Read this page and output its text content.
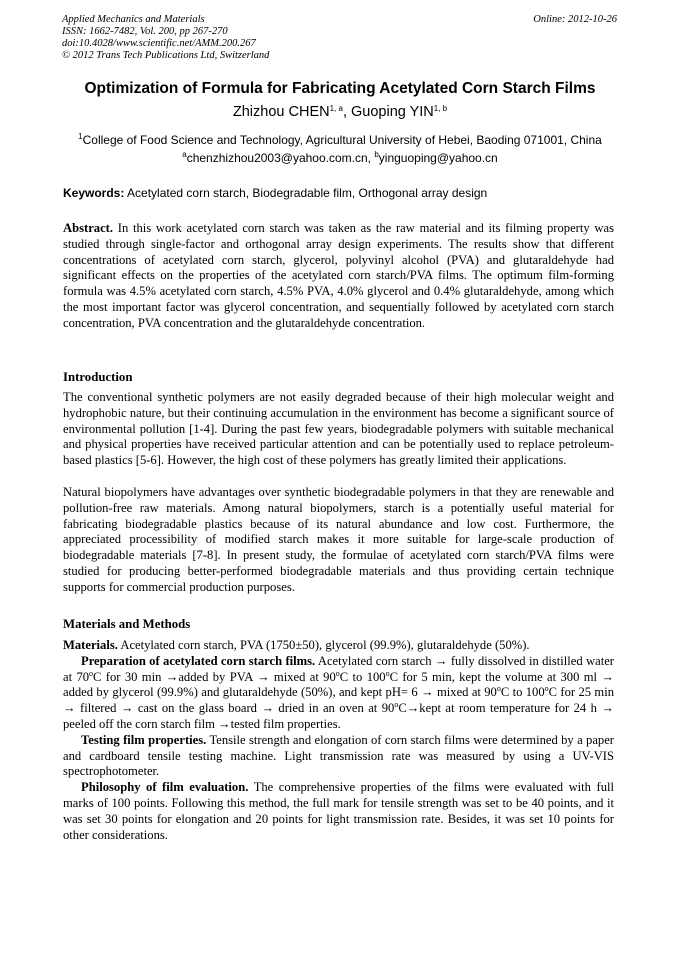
Applied Mechanics and Materials
ISSN: 1662-7482, Vol. 200, pp 267-270
doi:10.4028/www.scientific.net/AMM.200.267
© 2012 Trans Tech Publications Ltd, Switzerland
Online: 2012-10-26
Optimization of Formula for Fabricating Acetylated Corn Starch Films
Zhizhou CHEN$^{1, a}$, Guoping YIN$^{1, b}$
$^1$College of Food Science and Technology, Agricultural University of Hebei, Baoding 071001, China
$^a$chenzhizhou2003@yahoo.com.cn, $^b$yinguoping@yahoo.cn
Keywords: Acetylated corn starch, Biodegradable film, Orthogonal array design
Abstract. In this work acetylated corn starch was taken as the raw material and its filming property was studied through single-factor and orthogonal array design experiments. The results show that different concentrations of acetylated corn starch, glycerol, polyvinyl alcohol (PVA) and glutaraldehyde had significant effects on the properties of the acetylated corn starch/PVA films. The optimum film-forming formula was 4.5% acetylated corn starch, 4.5% PVA, 4.0% glycerol and 0.4% glutaraldehyde, among which the most important factor was glycerol concentration, and sequentially followed by acetylated corn starch concentration, PVA concentration and the glutaraldehyde concentration.
Introduction
The conventional synthetic polymers are not easily degraded because of their high molecular weight and hydrophobic nature, but their continuing accumulation in the environment has become a significant source of environmental pollution [1-4]. During the past few years, biodegradable polymers with suitable mechanical and physical properties have received particular attention and can be potentially used to replace petroleum-based plastics [5-6]. However, the high cost of these polymers has greatly limited their applications.
Natural biopolymers have advantages over synthetic biodegradable polymers in that they are renewable and pollution-free raw materials. Among natural biopolymers, starch is a potentially useful material for fabricating biodegradable plastics because of its natural abundance and low cost. Furthermore, the appreciated processibility of modified starch makes it more suitable for large-scale production of biodegradable materials [7-8]. In present study, the formulae of acetylated corn starch/PVA films were studied for producing better-performed biodegradable materials and thus providing certain technique supports for commercial production purposes.
Materials and Methods

Materials. Acetylated corn starch, PVA (1750±50), glycerol (99.9%), glutaraldehyde (50%).

Preparation of acetylated corn starch films. Acetylated corn starch → fully dissolved in distilled water at 70$^o$C for 30 min →added by PVA → mixed at 90$^o$C to 100$^o$C for 5 min, kept the volume at 300 ml → added by glycerol (99.9%) and glutaraldehyde (50%), and kept pH= 6 → mixed at 90$^o$C to 100$^o$C for 25 min → filtered → cast on the glass board → dried in an oven at $90^oC\to kept$ at room temperature for 24 h → peeled off the corn starch film →tested film properties.

Testing film properties. Tensile strength and elongation of corn starch films were determined by a paper and cardboard tensile testing machine. Light transmission rate was measured by using a UV-VIS spectrophotometer.

Philosophy of film evaluation. The comprehensive properties of the films were evaluated with full marks of 100 points. Following this method, the full mark for tensile strength was set to be 40 points, and it was set 30 points for elongation and 20 points for light transmission rate. Besides, it was set 10 points for other considerations.
